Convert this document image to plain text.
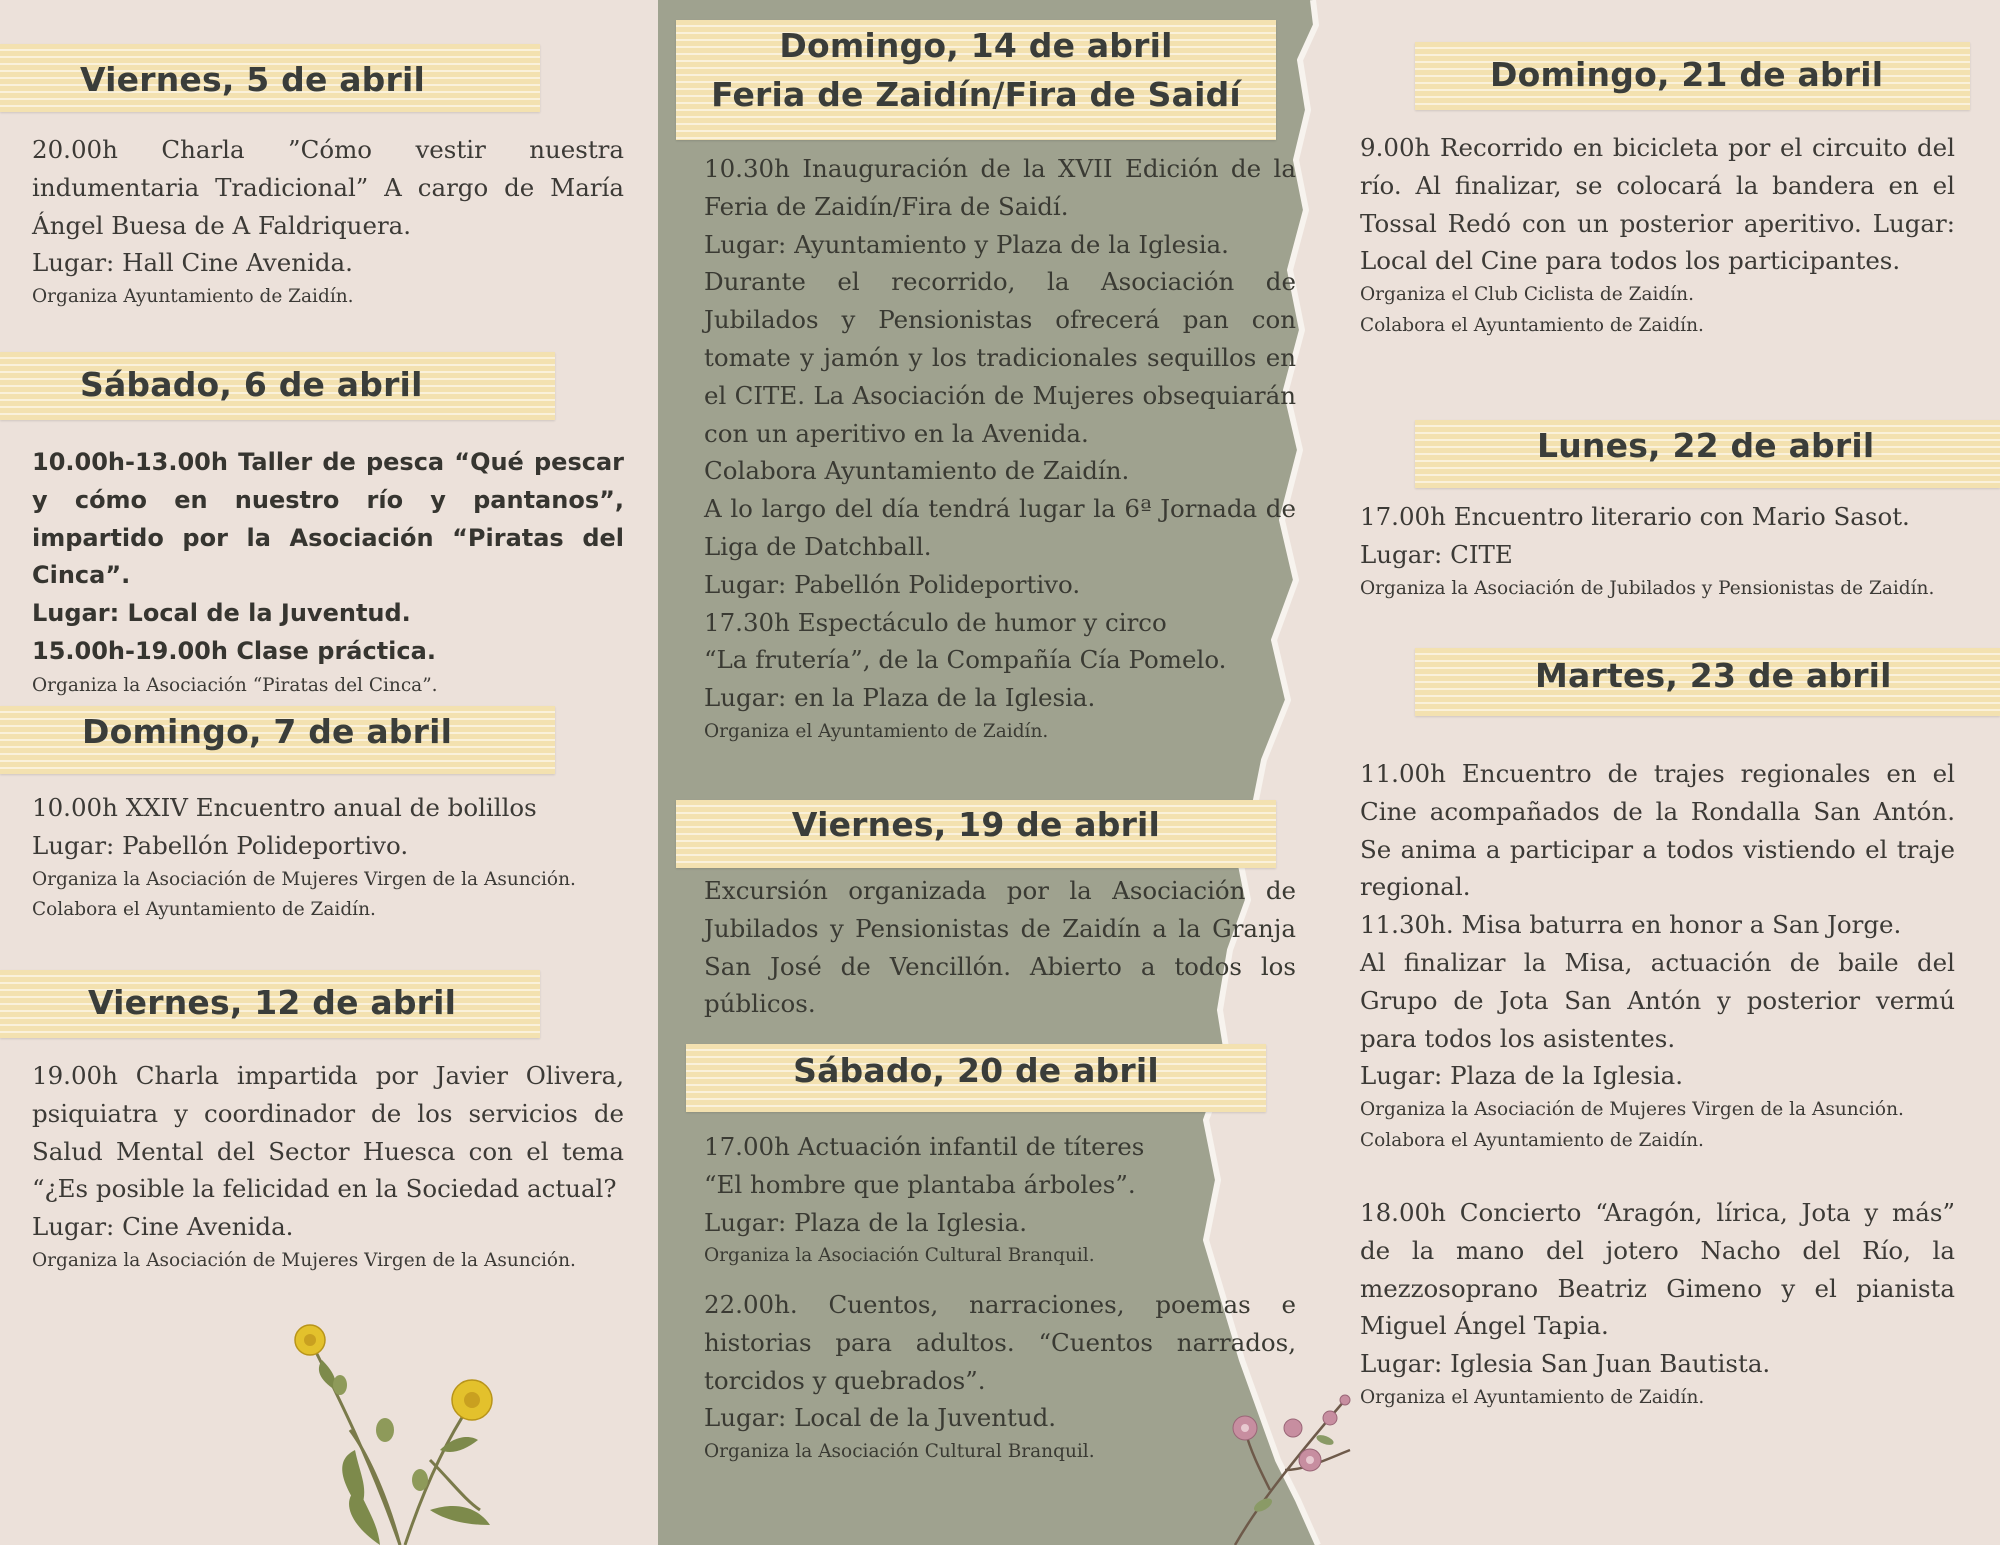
Viernes, 5 de abril

20.00h Charla ”Cómo vestir nuestra indumentaria Tradicional” A cargo de María Ángel Buesa de A Faldriquera.

Lugar: Hall Cine Avenida.

Organiza Ayuntamiento de Zaidín.

Sábado, 6 de abril

10.00h-13.00h Taller de pesca “Qué pescar y cómo en nuestro río y pantanos”, impartido por la Asociación “Piratas del Cinca”.

Lugar: Local de la Juventud.

15.00h-19.00h Clase práctica.

Organiza la Asociación “Piratas del Cinca”.

Domingo, 7 de abril

10.00h XXIV Encuentro anual de bolillos

Lugar: Pabellón Polideportivo.

Organiza la Asociación de Mujeres Virgen de la Asunción.

Colabora el Ayuntamiento de Zaidín.

Viernes, 12 de abril

19.00h Charla impartida por Javier Olivera, psiquiatra y coordinador de los servicios de Salud Mental del Sector Huesca con el tema “¿Es posible la felicidad en la Sociedad actual?

Lugar: Cine Avenida.

Organiza la Asociación de Mujeres Virgen de la Asunción.

Domingo, 14 de abril
Feria de Zaidín/Fira de Saidí

10.30h Inauguración de la XVII Edición de la Feria de Zaidín/Fira de Saidí.

Lugar: Ayuntamiento y Plaza de la Iglesia.

Durante el recorrido, la Asociación de Jubilados y Pensionistas ofrecerá pan con tomate y jamón y los tradicionales sequillos en el CITE. La Asociación de Mujeres obsequiarán con un aperitivo en la Avenida.

Colabora Ayuntamiento de Zaidín.

A lo largo del día tendrá lugar la 6ª Jornada de Liga de Datchball.

Lugar: Pabellón Polideportivo.

17.30h Espectáculo de humor y circo

“La frutería”, de la Compañía Cía Pomelo.

Lugar: en la Plaza de la Iglesia.

Organiza el Ayuntamiento de Zaidín.

Viernes, 19 de abril

Excursión organizada por la Asociación de Jubilados y Pensionistas de Zaidín a la Granja San José de Vencillón. Abierto a todos los públicos.

Sábado, 20 de abril

17.00h Actuación infantil de títeres

“El hombre que plantaba árboles”.

Lugar: Plaza de la Iglesia.

Organiza la Asociación Cultural Branquil.

22.00h. Cuentos, narraciones, poemas e historias para adultos. “Cuentos narrados, torcidos y quebrados”.

Lugar: Local de la Juventud.

Organiza la Asociación Cultural Branquil.

Domingo, 21 de abril

9.00h Recorrido en bicicleta por el circuito del río. Al finalizar, se colocará la bandera en el Tossal Redó con un posterior aperitivo. Lugar: Local del Cine para todos los participantes.

Organiza el Club Ciclista de Zaidín.

Colabora el Ayuntamiento de Zaidín.

Lunes, 22 de abril

17.00h Encuentro literario con Mario Sasot.

Lugar: CITE

Organiza la Asociación de Jubilados y Pensionistas de Zaidín.

Martes, 23 de abril

11.00h Encuentro de trajes regionales en el Cine acompañados de la Rondalla San Antón. Se anima a participar a todos vistiendo el traje regional.

11.30h. Misa baturra en honor a San Jorge.

Al finalizar la Misa, actuación de baile del Grupo de Jota San Antón y posterior vermú para todos los asistentes.

Lugar: Plaza de la Iglesia.

Organiza la Asociación de Mujeres Virgen de la Asunción.

Colabora el Ayuntamiento de Zaidín.

18.00h Concierto “Aragón, lírica, Jota y más” de la mano del jotero Nacho del Río, la mezzosoprano Beatriz Gimeno y el pianista Miguel Ángel Tapia.

Lugar: Iglesia San Juan Bautista.

Organiza el Ayuntamiento de Zaidín.
